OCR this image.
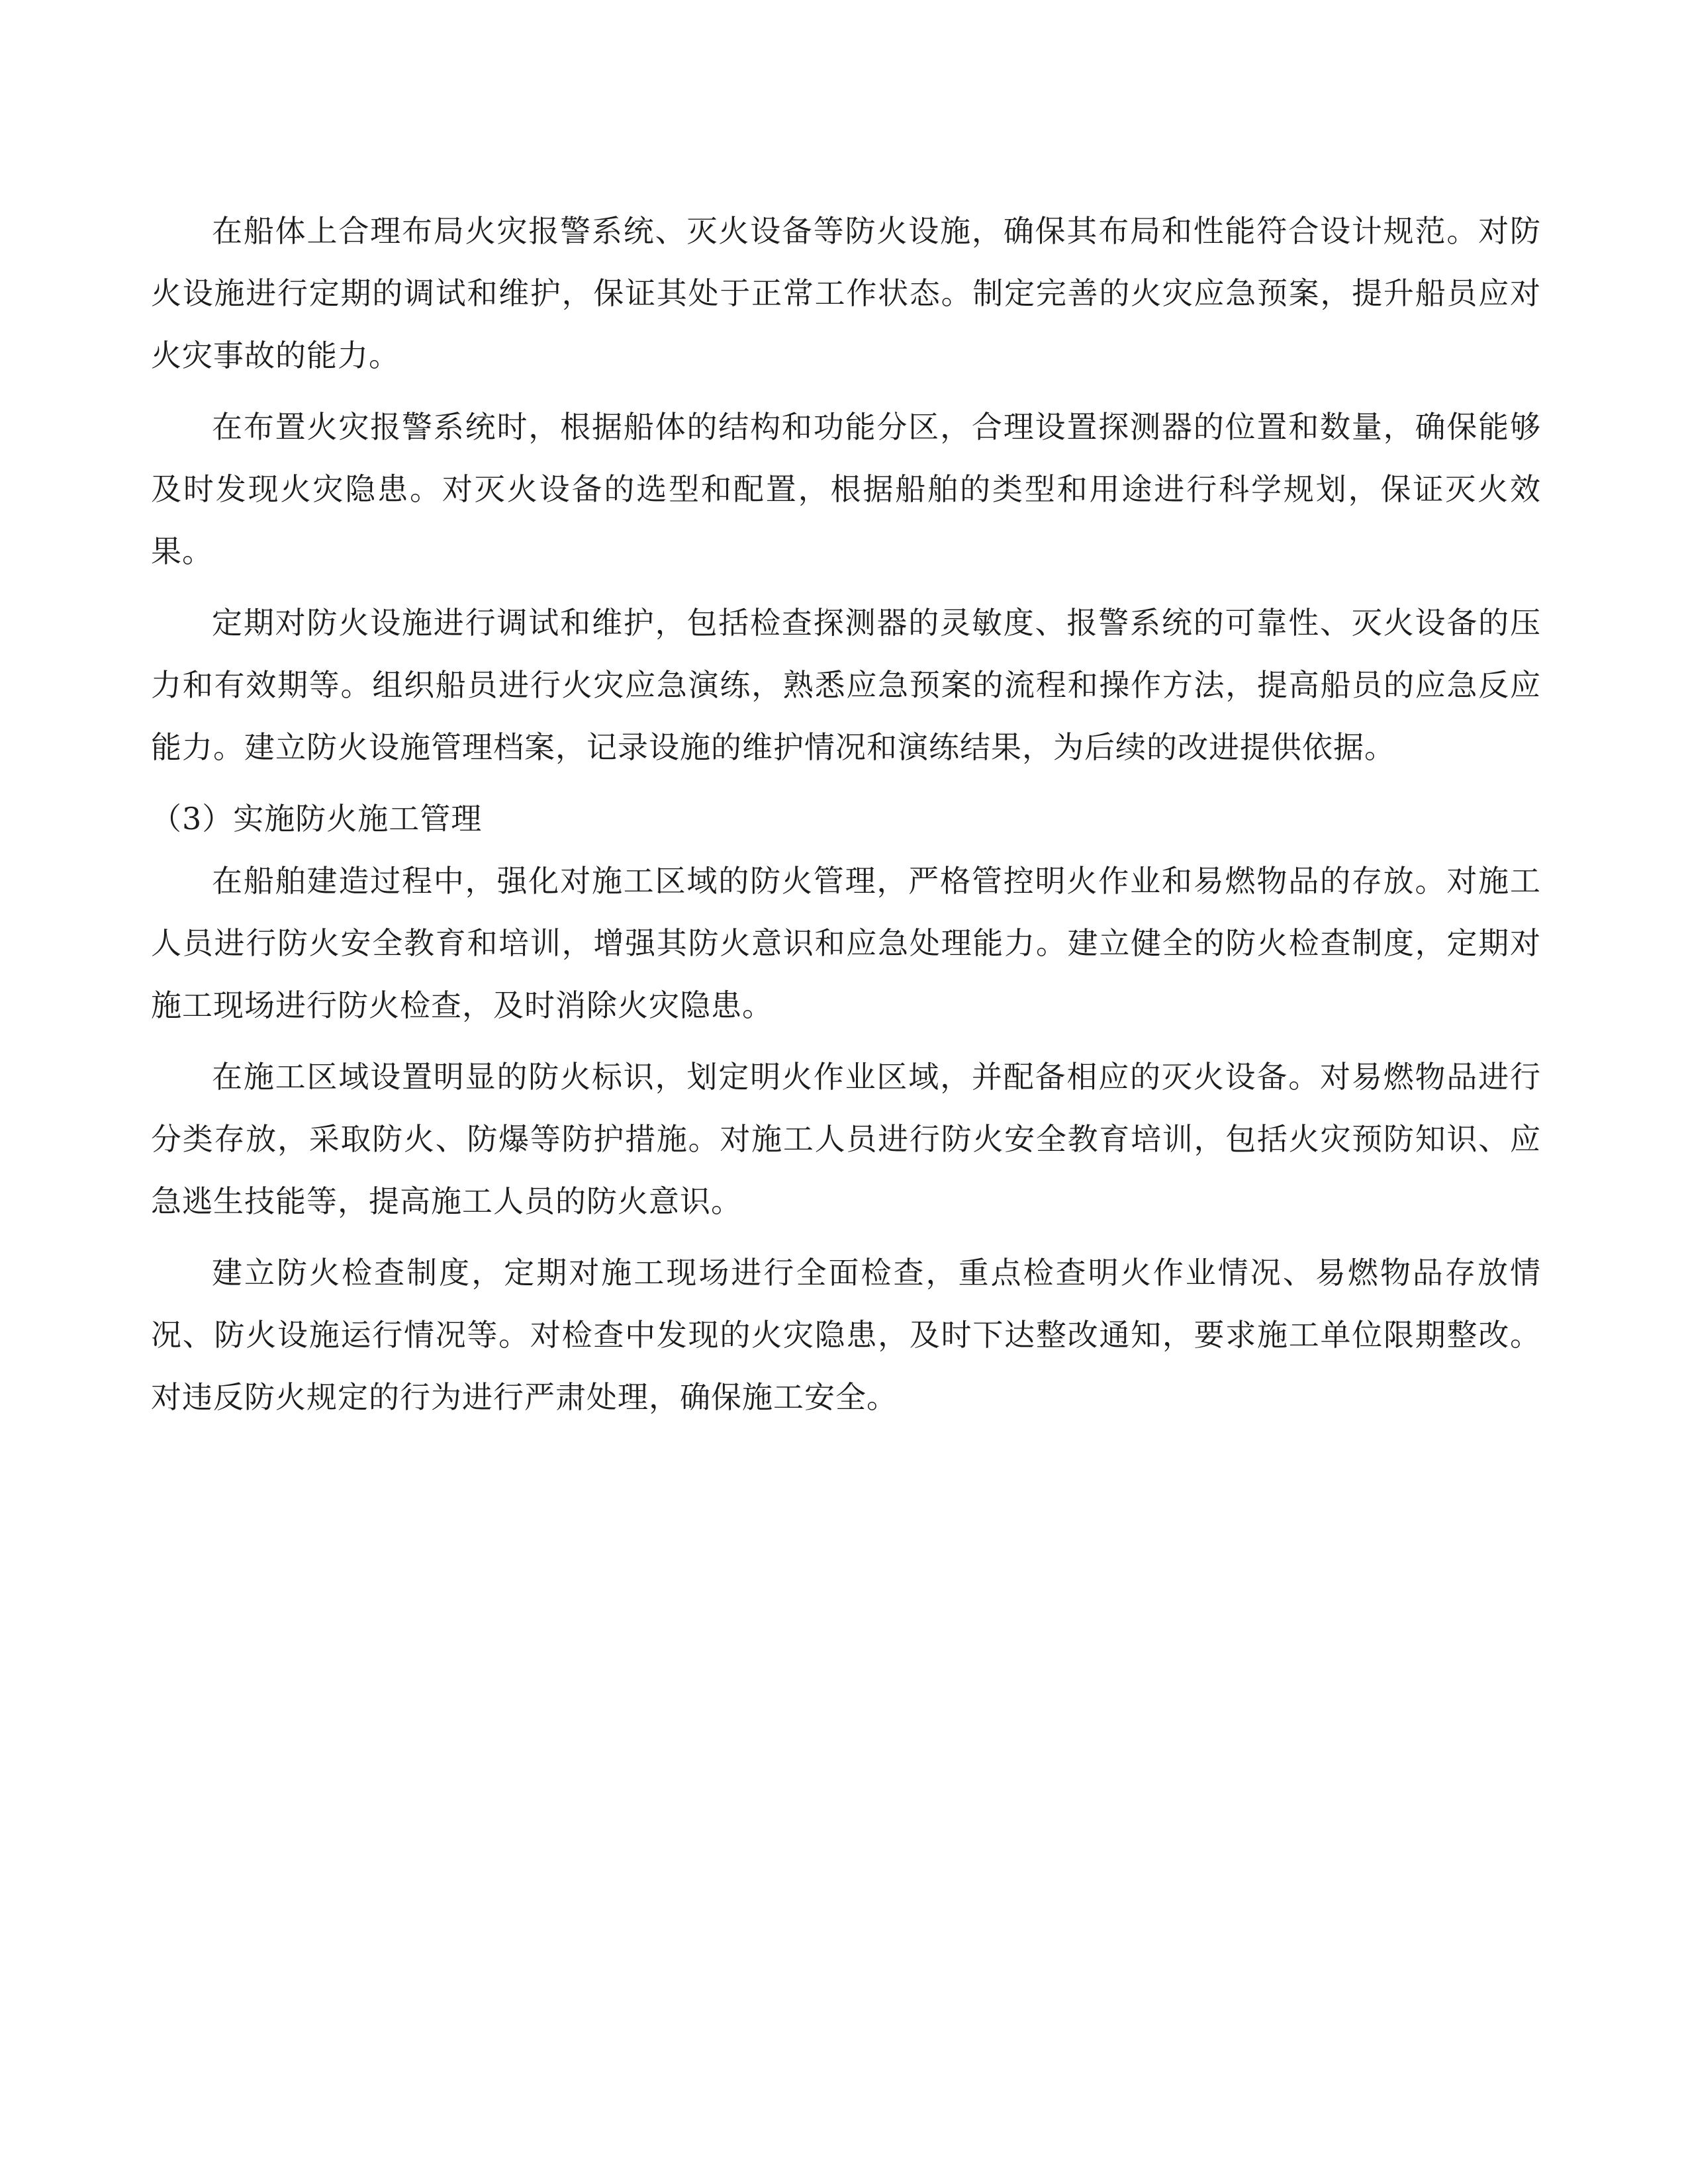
在船体上合理布局火灾报警系统、灭火设备等防火设施，确保其布局和性能符合设计规范。对防火设施进行定期的调试和维护，保证其处于正常工作状态。制定完善的火灾应急预案，提升船员应对火灾事故的能力。

在布置火灾报警系统时，根据船体的结构和功能分区，合理设置探测器的位置和数量，确保能够及时发现火灾隐患。对灭火设备的选型和配置，根据船舶的类型和用途进行科学规划，保证灭火效果。

定期对防火设施进行调试和维护，包括检查探测器的灵敏度、报警系统的可靠性、灭火设备的压力和有效期等。组织船员进行火灾应急演练，熟悉应急预案的流程和操作方法，提高船员的应急反应能力。建立防火设施管理档案，记录设施的维护情况和演练结果，为后续的改进提供依据。

（3）实施防火施工管理

在船舶建造过程中，强化对施工区域的防火管理，严格管控明火作业和易燃物品的存放。对施工人员进行防火安全教育和培训，增强其防火意识和应急处理能力。建立健全的防火检查制度，定期对施工现场进行防火检查，及时消除火灾隐患。

在施工区域设置明显的防火标识，划定明火作业区域，并配备相应的灭火设备。对易燃物品进行分类存放，采取防火、防爆等防护措施。对施工人员进行防火安全教育培训，包括火灾预防知识、应急逃生技能等，提高施工人员的防火意识。

建立防火检查制度，定期对施工现场进行全面检查，重点检查明火作业情况、易燃物品存放情况、防火设施运行情况等。对检查中发现的火灾隐患，及时下达整改通知，要求施工单位限期整改。对违反防火规定的行为进行严肃处理，确保施工安全。
